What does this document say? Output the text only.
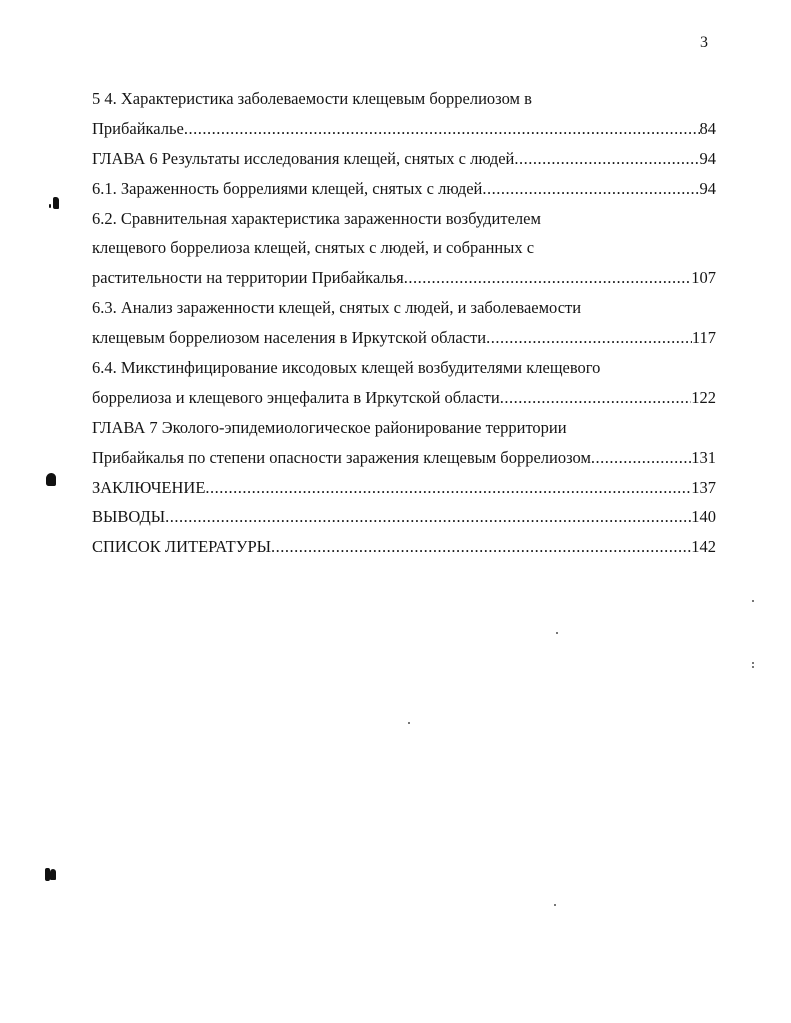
3
5 4. Характеристика заболеваемости клещевым боррелиозом в
Прибайкалье .....	84
ГЛАВА 6 Результаты исследования клещей, снятых с людей .....	94
6.1. Зараженность боррелиями клещей, снятых с людей .....	94
6.2. Сравнительная характеристика зараженности возбудителем
клещевого боррелиоза клещей, снятых с людей, и собранных с
растительности на территории Прибайкалья .....	107
6.3. Анализ зараженности клещей, снятых с людей, и заболеваемости
клещевым боррелиозом населения в Иркутской области .....	117
6.4. Микстинфицирование иксодовых клещей возбудителями клещевого
боррелиоза и клещевого энцефалита в Иркутской области .....	122
ГЛАВА 7 Эколого-эпидемиологическое районирование территории
Прибайкалья по степени опасности заражения клещевым боррелиозом .....	131
ЗАКЛЮЧЕНИЕ .....	137
ВЫВОДЫ .....	140
СПИСОК ЛИТЕРАТУРЫ .....	142
